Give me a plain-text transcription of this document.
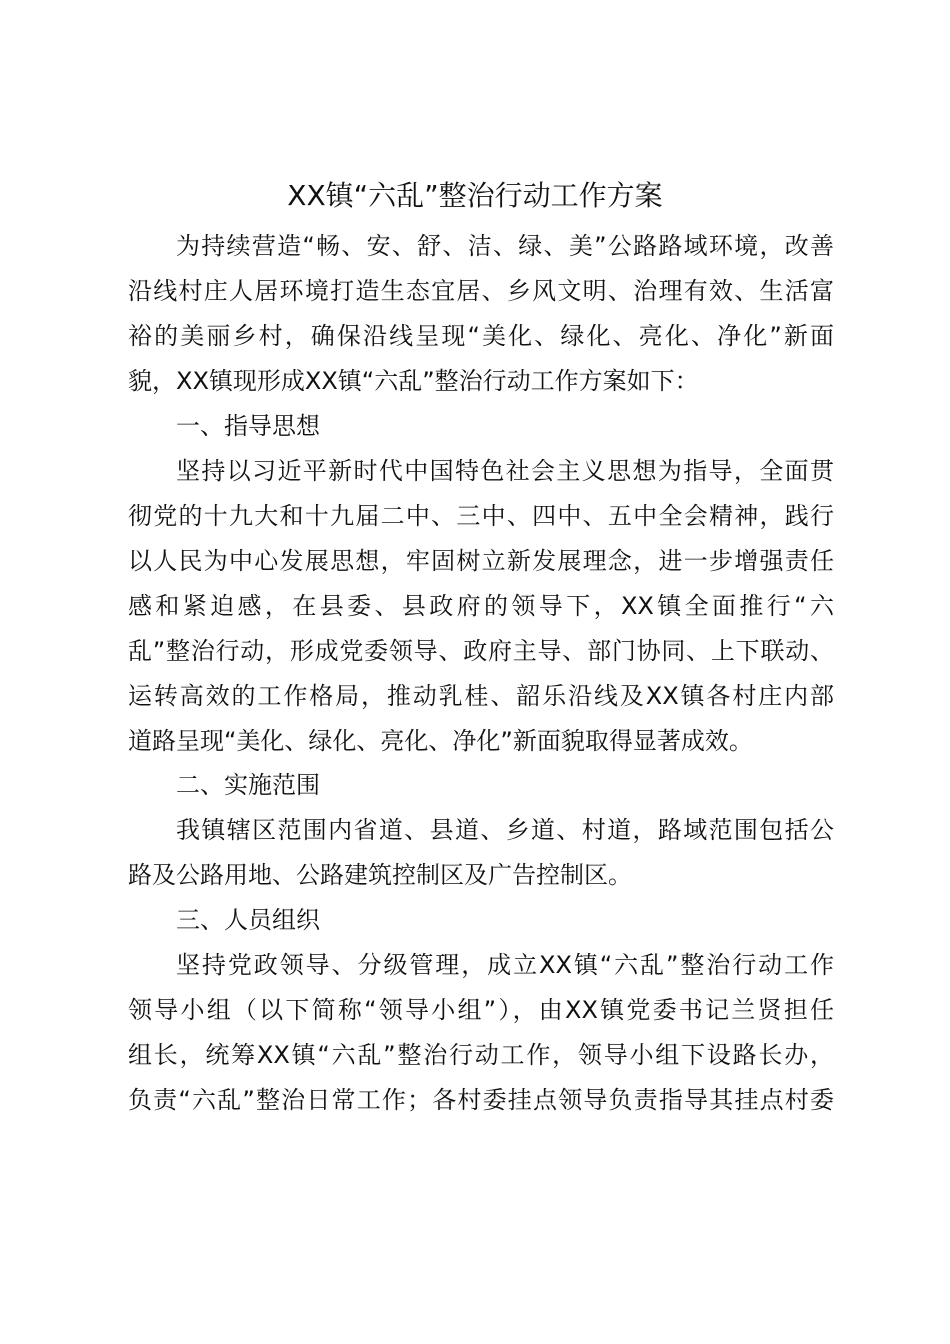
XX镇“六乱”整治行动工作方案
为持续营造“畅、安、舒、洁、绿、美”公路路域环境，改善
沿线村庄人居环境打造生态宜居、乡风文明、治理有效、生活富
裕的美丽乡村，确保沿线呈现“美化、绿化、亮化、净化”新面
貌，XX镇现形成XX镇“六乱”整治行动工作方案如下：
一、指导思想
坚持以习近平新时代中国特色社会主义思想为指导，全面贯
彻党的十九大和十九届二中、三中、四中、五中全会精神，践行
以人民为中心发展思想，牢固树立新发展理念，进一步增强责任
感和紧迫感，在县委、县政府的领导下，XX镇全面推行“六
乱”整治行动，形成党委领导、政府主导、部门协同、上下联动、
运转高效的工作格局，推动乳桂、韶乐沿线及XX镇各村庄内部
道路呈现“美化、绿化、亮化、净化”新面貌取得显著成效。
二、实施范围
我镇辖区范围内省道、县道、乡道、村道，路域范围包括公
路及公路用地、公路建筑控制区及广告控制区。
三、人员组织
坚持党政领导、分级管理，成立XX镇“六乱”整治行动工作
领导小组（以下简称“领导小组”），由XX镇党委书记兰贤担任
组长，统筹XX镇“六乱”整治行动工作，领导小组下设路长办，
负责“六乱”整治日常工作；各村委挂点领导负责指导其挂点村委
